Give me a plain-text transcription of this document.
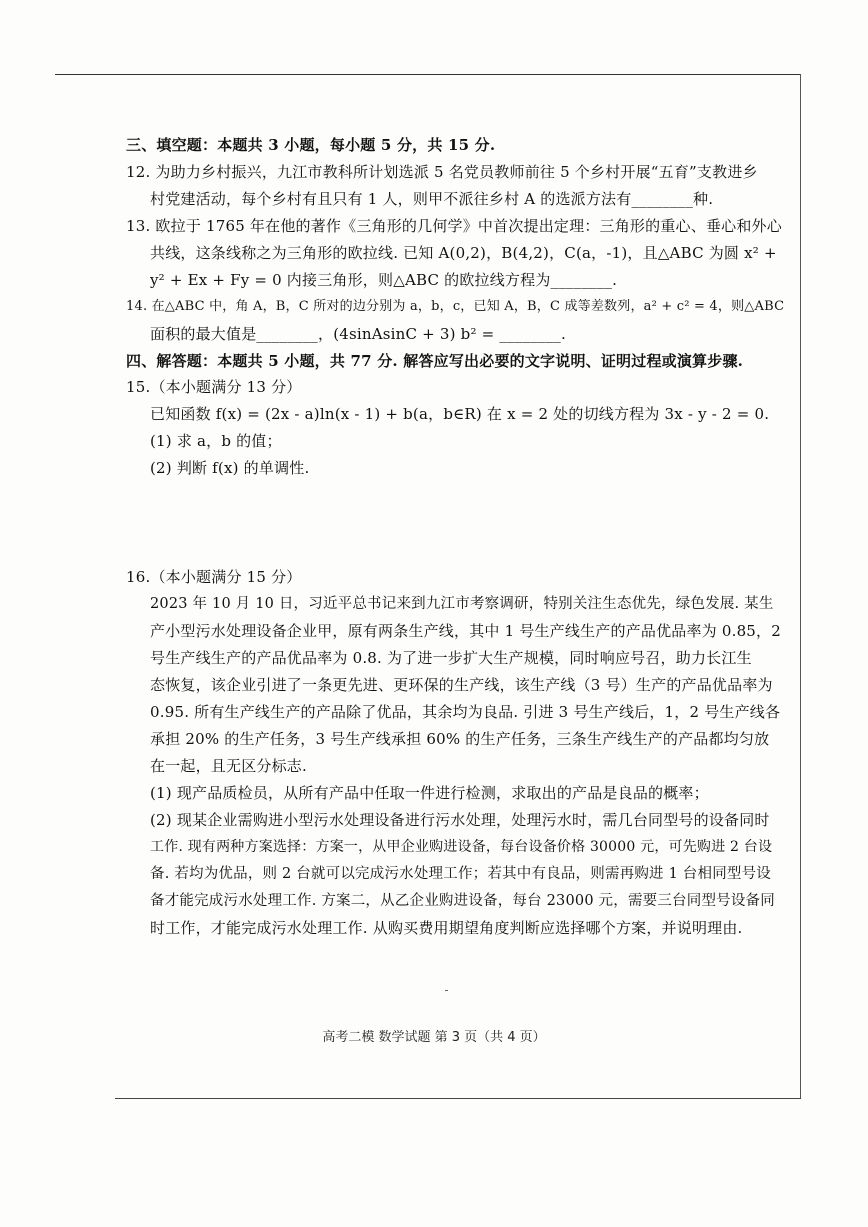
三、填空题：本题共 3 小题，每小题 5 分，共 15 分.
12. 为助力乡村振兴，九江市教科所计划选派 5 名党员教师前往 5 个乡村开展“五育”支教进乡
村党建活动，每个乡村有且只有 1 人，则甲不派往乡村 A 的选派方法有________种.
13. 欧拉于 1765 年在他的著作《三角形的几何学》中首次提出定理：三角形的重心、垂心和外心
共线，这条线称之为三角形的欧拉线. 已知 A(0,2)，B(4,2)，C(a，-1)，且△ABC 为圆 x² +
y² + Ex + Fy = 0 内接三角形，则△ABC 的欧拉线方程为________.
14. 在△ABC 中，角 A，B，C 所对的边分别为 a，b，c，已知 A，B，C 成等差数列，a² + c² = 4，则△ABC
面积的最大值是________，(4sinAsinC + 3) b² = ________.
四、解答题：本题共 5 小题，共 77 分. 解答应写出必要的文字说明、证明过程或演算步骤.
15.（本小题满分 13 分）
已知函数 f(x) = (2x - a)ln(x - 1) + b(a，b∈R) 在 x = 2 处的切线方程为 3x - y - 2 = 0.
(1) 求 a，b 的值；
(2) 判断 f(x) 的单调性.
16.（本小题满分 15 分）
2023 年 10 月 10 日，习近平总书记来到九江市考察调研，特别关注生态优先，绿色发展. 某生
产小型污水处理设备企业甲，原有两条生产线，其中 1 号生产线生产的产品优品率为 0.85，2
号生产线生产的产品优品率为 0.8. 为了进一步扩大生产规模，同时响应号召，助力长江生
态恢复，该企业引进了一条更先进、更环保的生产线，该生产线（3 号）生产的产品优品率为
0.95. 所有生产线生产的产品除了优品，其余均为良品. 引进 3 号生产线后，1，2 号生产线各
承担 20% 的生产任务，3 号生产线承担 60% 的生产任务，三条生产线生产的产品都均匀放
在一起，且无区分标志.
(1) 现产品质检员，从所有产品中任取一件进行检测，求取出的产品是良品的概率；
(2) 现某企业需购进小型污水处理设备进行污水处理，处理污水时，需几台同型号的设备同时
工作. 现有两种方案选择：方案一，从甲企业购进设备，每台设备价格 30000 元，可先购进 2 台设
备. 若均为优品，则 2 台就可以完成污水处理工作；若其中有良品，则需再购进 1 台相同型号设
备才能完成污水处理工作. 方案二，从乙企业购进设备，每台 23000 元，需要三台同型号设备同
时工作，才能完成污水处理工作. 从购买费用期望角度判断应选择哪个方案，并说明理由.
高考二模 数学试题 第 3 页（共 4 页）
